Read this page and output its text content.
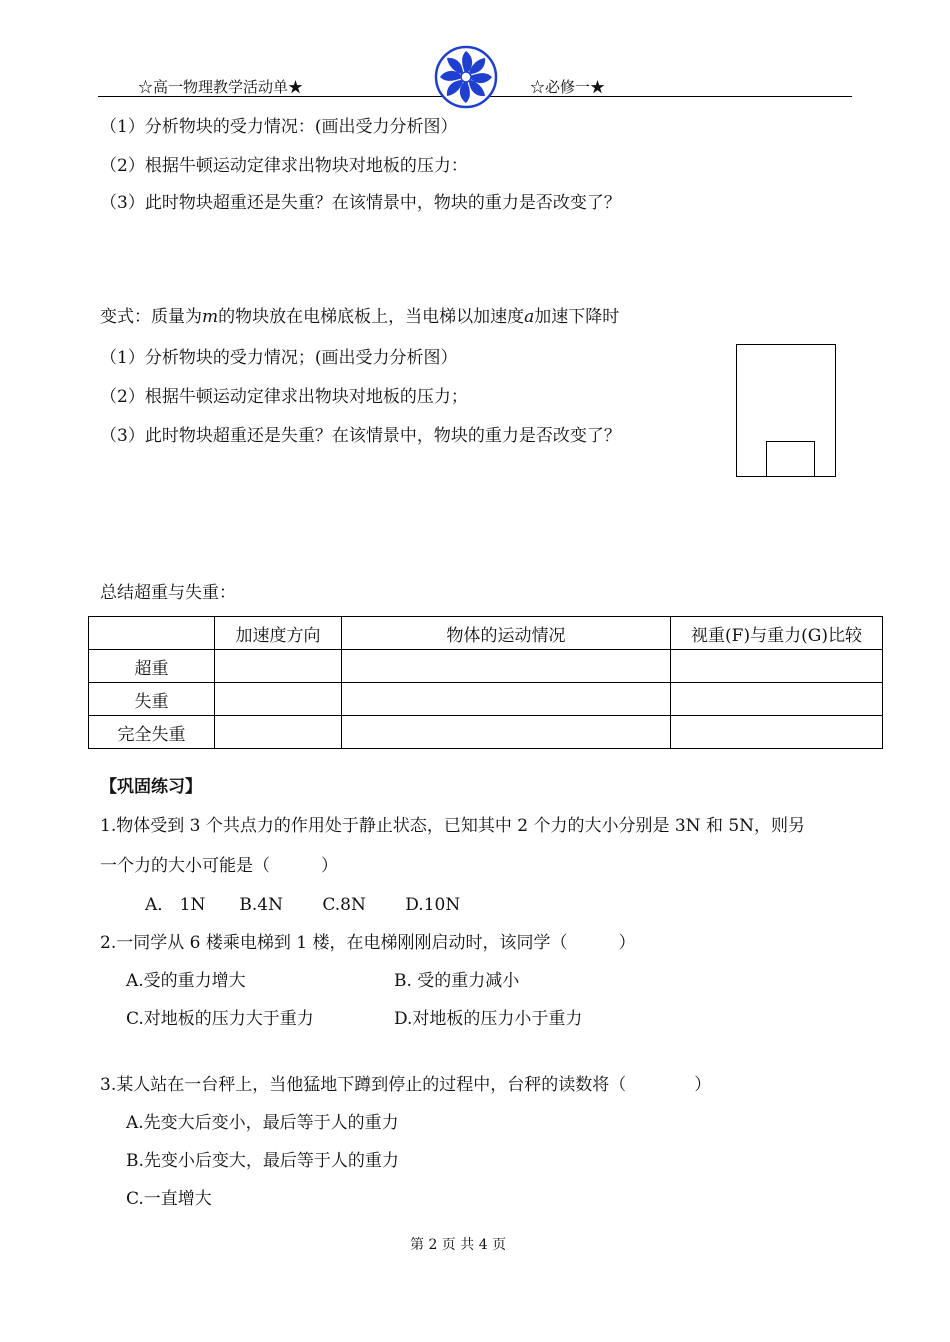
☆高一物理教学活动单★	☆必修一★
（1）分析物块的受力情况：(画出受力分析图）
（2）根据牛顿运动定律求出物块对地板的压力：
（3）此时物块超重还是失重？在该情景中，物块的重力是否改变了？
变式：质量为m的物块放在电梯底板上，当电梯以加速度a加速下降时
（1）分析物块的受力情况；(画出受力分析图）
（2）根据牛顿运动定律求出物块对地板的压力；
（3）此时物块超重还是失重？在该情景中，物块的重力是否改变了？
总结超重与失重：
	加速度方向	物体的运动情况	视重(F)与重力(G)比较
超重			
失重			
完全失重			
【巩固练习】
1.物体受到 3 个共点力的作用处于静止状态，已知其中 2 个力的大小分别是 3N 和 5N，则另
一个力的大小可能是（　　　）
A． 1N　　B.4N　　 C.8N　　 D.10N
2.一同学从 6 楼乘电梯到 1 楼，在电梯刚刚启动时，该同学（　　　）
A.受的重力增大	B. 受的重力减小
C.对地板的压力大于重力	D.对地板的压力小于重力
3.某人站在一台秤上，当他猛地下蹲到停止的过程中，台秤的读数将（　　　　）
A.先变大后变小，最后等于人的重力
B.先变小后变大，最后等于人的重力
C.一直增大
第 2 页 共 4 页
